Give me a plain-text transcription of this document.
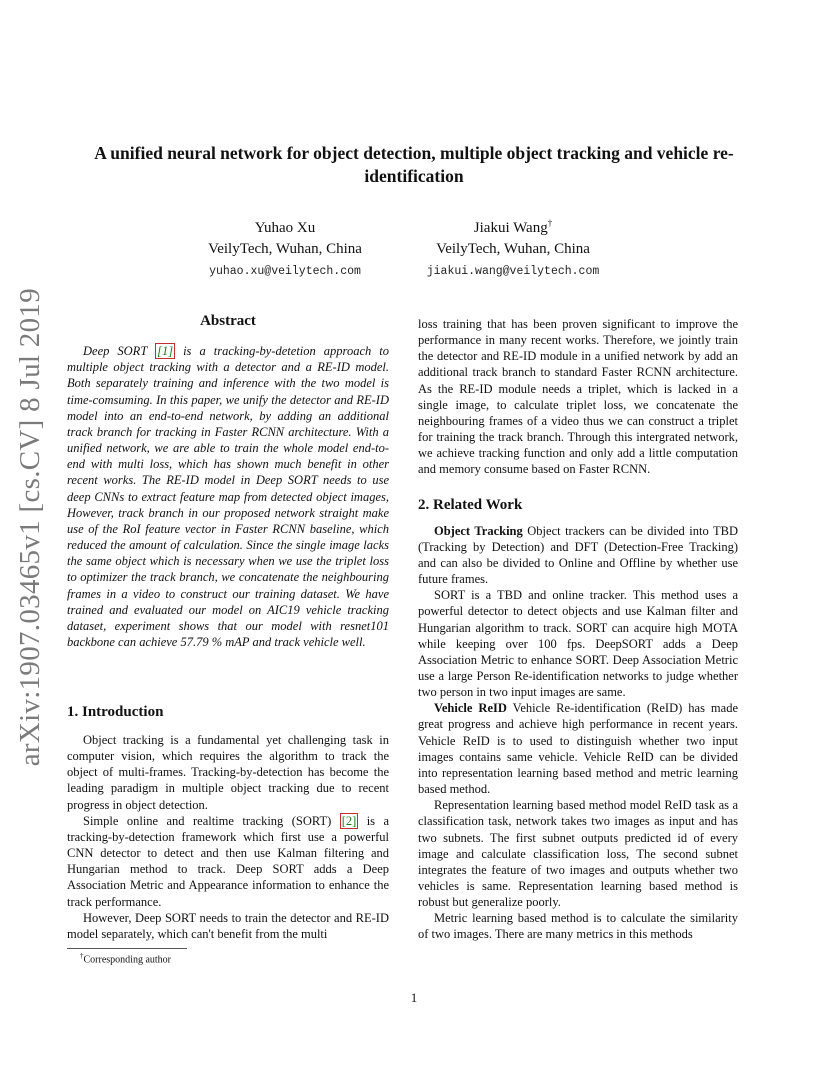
arXiv:1907.03465v1 [cs.CV] 8 Jul 2019
A unified neural network for object detection, multiple object tracking and vehicle re-identification
Yuhao Xu
VeilyTech, Wuhan, China
yuhao.xu@veilytech.com
Jiakui Wang†
VeilyTech, Wuhan, China
jiakui.wang@veilytech.com
Abstract

Deep SORT [1] is a tracking-by-detetion approach to multiple object tracking with a detector and a RE-ID model. Both separately training and inference with the two model is time-comsuming. In this paper, we unify the detector and RE-ID model into an end-to-end network, by adding an additional track branch for tracking in Faster RCNN architecture. With a unified network, we are able to train the whole model end-to-end with multi loss, which has shown much benefit in other recent works. The RE-ID model in Deep SORT needs to use deep CNNs to extract feature map from detected object images, However, track branch in our proposed network straight make use of the RoI feature vector in Faster RCNN baseline, which reduced the amount of calculation. Since the single image lacks the same object which is necessary when we use the triplet loss to optimizer the track branch, we concatenate the neighbouring frames in a video to construct our training dataset. We have trained and evaluated our model on AIC19 vehicle tracking dataset, experiment shows that our model with resnet101 backbone can achieve 57.79 % mAP and track vehicle well.

1. Introduction

Object tracking is a fundamental yet challenging task in computer vision, which requires the algorithm to track the object of multi-frames. Tracking-by-detection has become the leading paradigm in multiple object tracking due to recent progress in object detection.

Simple online and realtime tracking (SORT) [2] is a tracking-by-detection framework which first use a powerful CNN detector to detect and then use Kalman filtering and Hungarian method to track. Deep SORT adds a Deep Association Metric and Appearance information to enhance the track performance.

However, Deep SORT needs to train the detector and RE-ID model separately, which can't benefit from the multi

†Corresponding author

loss training that has been proven significant to improve the performance in many recent works. Therefore, we jointly train the detector and RE-ID module in a unified network by add an additional track branch to standard Faster RCNN architecture. As the RE-ID module needs a triplet, which is lacked in a single image, to calculate triplet loss, we concatenate the neighbouring frames of a video thus we can construct a triplet for training the track branch. Through this intergrated network, we achieve tracking function and only add a little computation and memory consume based on Faster RCNN.

2. Related Work

Object Tracking Object trackers can be divided into TBD (Tracking by Detection) and DFT (Detection-Free Tracking) and can also be divided to Online and Offline by whether use future frames.

SORT is a TBD and online tracker. This method uses a powerful detector to detect objects and use Kalman filter and Hungarian algorithm to track. SORT can acquire high MOTA while keeping over 100 fps. DeepSORT adds a Deep Association Metric to enhance SORT. Deep Association Metric use a large Person Re-identification networks to judge whether two person in two input images are same.

Vehicle ReID Vehicle Re-identification (ReID) has made great progress and achieve high performance in recent years. Vehicle ReID is to used to distinguish whether two input images contains same vehicle. Vehicle ReID can be divided into representation learning based method and metric learning based method.

Representation learning based method model ReID task as a classification task, network takes two images as input and has two subnets. The first subnet outputs predicted id of every image and calculate classification loss, The second subnet integrates the feature of two images and outputs whether two vehicles is same. Representation learning based method is robust but generalize poorly.

Metric learning based method is to calculate the similarity of two images. There are many metrics in this methods

1
